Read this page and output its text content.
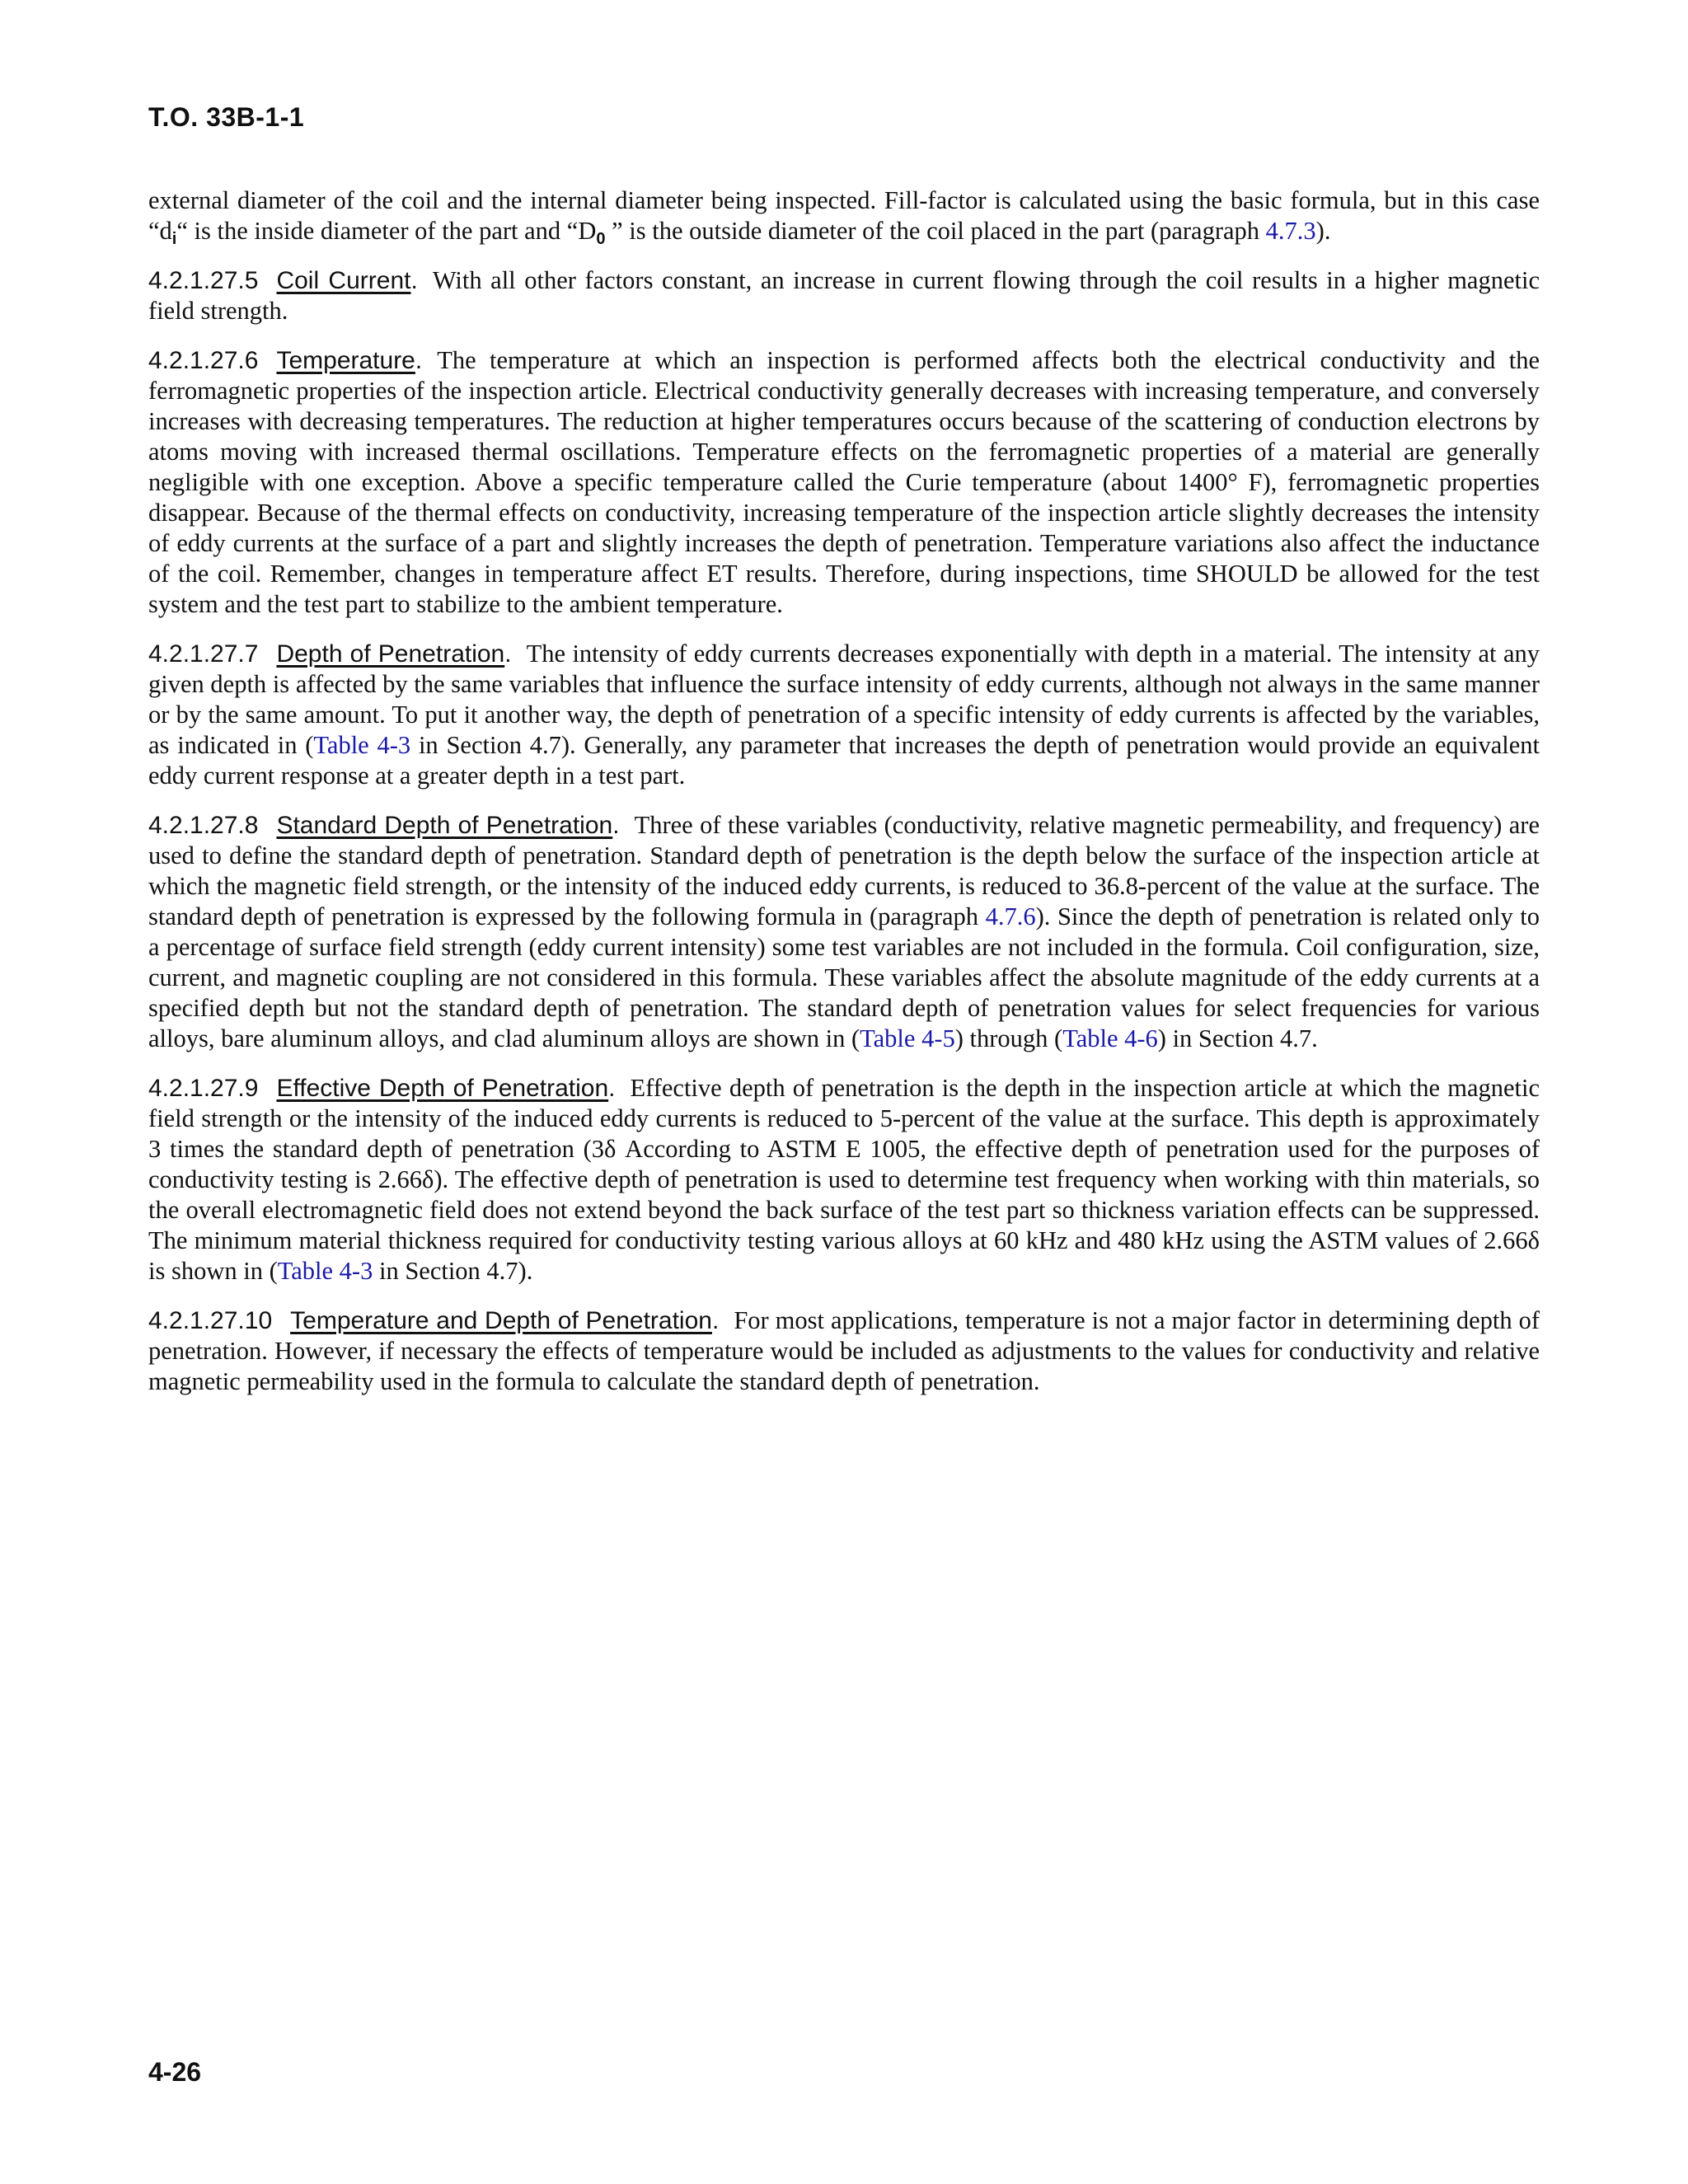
T.O. 33B-1-1

external diameter of the coil and the internal diameter being inspected. Fill-factor is calculated using the basic formula, but in this case “$d_i“$ is the inside diameter of the part and “$D_0$ ” is the outside diameter of the coil placed in the part (paragraph 4.7.3).

4.2.1.27.5 Coil Current. With all other factors constant, an increase in current flowing through the coil results in a higher magnetic field strength.

4.2.1.27.6 Temperature. The temperature at which an inspection is performed affects both the electrical conductivity and the ferromagnetic properties of the inspection article. Electrical conductivity generally decreases with increasing temperature, and conversely increases with decreasing temperatures. The reduction at higher temperatures occurs because of the scattering of conduction electrons by atoms moving with increased thermal oscillations. Temperature effects on the ferromagnetic properties of a material are generally negligible with one exception. Above a specific temperature called the Curie temperature (about 1400° F), ferromagnetic properties disappear. Because of the thermal effects on conductivity, increasing temperature of the inspection article slightly decreases the intensity of eddy currents at the surface of a part and slightly increases the depth of penetration. Temperature variations also affect the inductance of the coil. Remember, changes in temperature affect ET results. Therefore, during inspections, time SHOULD be allowed for the test system and the test part to stabilize to the ambient temperature.

4.2.1.27.7 Depth of Penetration. The intensity of eddy currents decreases exponentially with depth in a material. The intensity at any given depth is affected by the same variables that influence the surface intensity of eddy currents, although not always in the same manner or by the same amount. To put it another way, the depth of penetration of a specific intensity of eddy currents is affected by the variables, as indicated in (Table 4-3 in Section 4.7). Generally, any parameter that increases the depth of penetration would provide an equivalent eddy current response at a greater depth in a test part.

4.2.1.27.8 Standard Depth of Penetration. Three of these variables (conductivity, relative magnetic permeability, and frequency) are used to define the standard depth of penetration. Standard depth of penetration is the depth below the surface of the inspection article at which the magnetic field strength, or the intensity of the induced eddy currents, is reduced to 36.8-percent of the value at the surface. The standard depth of penetration is expressed by the following formula in (paragraph 4.7.6). Since the depth of penetration is related only to a percentage of surface field strength (eddy current intensity) some test variables are not included in the formula. Coil configuration, size, current, and magnetic coupling are not considered in this formula. These variables affect the absolute magnitude of the eddy currents at a specified depth but not the standard depth of penetration. The standard depth of penetration values for select frequencies for various alloys, bare aluminum alloys, and clad aluminum alloys are shown in (Table 4-5) through (Table 4-6) in Section 4.7.

4.2.1.27.9 Effective Depth of Penetration. Effective depth of penetration is the depth in the inspection article at which the magnetic field strength or the intensity of the induced eddy currents is reduced to 5-percent of the value at the surface. This depth is approximately 3 times the standard depth of penetration (3δ According to ASTM E 1005, the effective depth of penetration used for the purposes of conductivity testing is 2.66δ). The effective depth of penetration is used to determine test frequency when working with thin materials, so the overall electromagnetic field does not extend beyond the back surface of the test part so thickness variation effects can be suppressed. The minimum material thickness required for conductivity testing various alloys at 60 kHz and 480 kHz using the ASTM values of 2.66δ is shown in (Table 4-3 in Section 4.7).

4.2.1.27.10 Temperature and Depth of Penetration. For most applications, temperature is not a major factor in determining depth of penetration. However, if necessary the effects of temperature would be included as adjustments to the values for conductivity and relative magnetic permeability used in the formula to calculate the standard depth of penetration.

4-26
